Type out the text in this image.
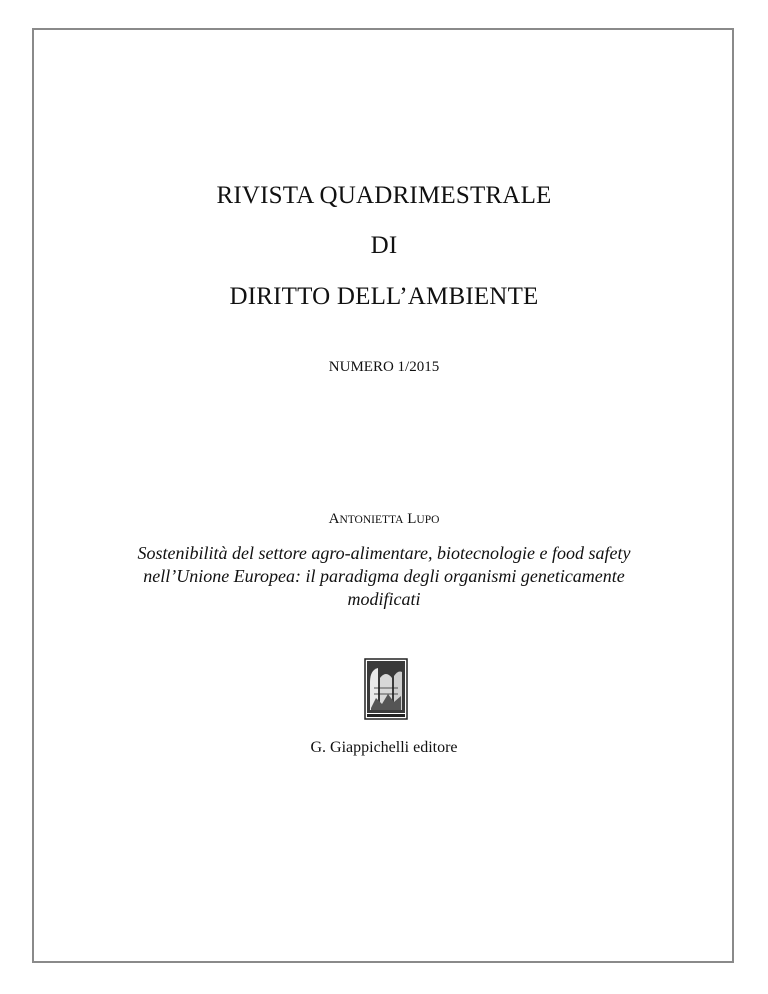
RIVISTA QUADRIMESTRALE
DI
DIRITTO DELL’AMBIENTE
NUMERO 1/2015
ANTONIETTA LUPO
Sostenibilità del settore agro-alimentare, biotecnologie e food safety
nell’Unione Europea: il paradigma degli organismi geneticamente
modificati
G. Giappichelli editore
